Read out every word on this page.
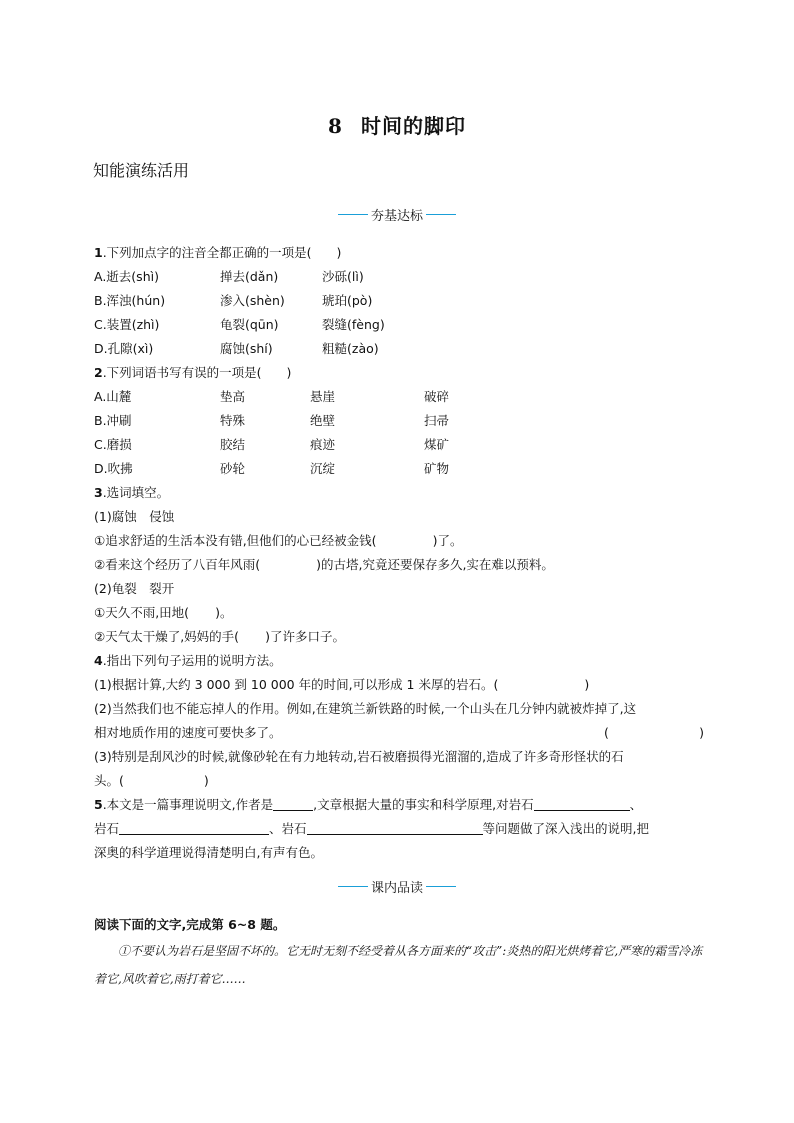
8 时间的脚印
知能演练活用
夯基达标
1.下列加点字的注音全都正确的一项是(　　)
A.逝去(shì)	掸去(dǎn)	沙砾(lì)
B.浑浊(hún)	渗入(shèn)	琥珀(pò)
C.装置(zhì)	龟裂(qūn)	裂缝(fèng)
D.孔隙(xì)	腐蚀(shí)	粗糙(zào)
2.下列词语书写有误的一项是(　　)
A.山麓	垫高	悬崖	破碎
B.冲刷	特殊	绝壁	扫帚
C.磨损	胶结	痕迹	煤矿
D.吹拂	砂轮	沉绽	矿物
3.选词填空。
(1)腐蚀　侵蚀
①追求舒适的生活本没有错,但他们的心已经被金钱(	)了。
②看来这个经历了八百年风雨(	)的古塔,究竟还要保存多久,实在难以预料。
(2)龟裂　裂开
①天久不雨,田地( )。
②天气太干燥了,妈妈的手( )了许多口子。
4.指出下列句子运用的说明方法。
(1)根据计算,大约 3 000 到 10 000 年的时间,可以形成 1 米厚的岩石。(	)
(2)当然我们也不能忘掉人的作用。例如,在建筑兰新铁路的时候,一个山头在几分钟内就被炸掉了,这
相对地质作用的速度可要快多了。	(	)
(3)特别是刮风沙的时候,就像砂轮在有力地转动,岩石被磨损得光溜溜的,造成了许多奇形怪状的石
头。(	)
5.本文是一篇事理说明文,作者是	,文章根据大量的事实和科学原理,对岩石	、
岩石	、岩石	等问题做了深入浅出的说明,把
深奥的科学道理说得清楚明白,有声有色。
课内品读
阅读下面的文字,完成第 6~8 题。
①不要认为岩石是坚固不坏的。它无时无刻不经受着从各方面来的“攻击”:炎热的阳光烘烤着它,严寒的霜雪冷冻着它,风吹着它,雨打着它……
